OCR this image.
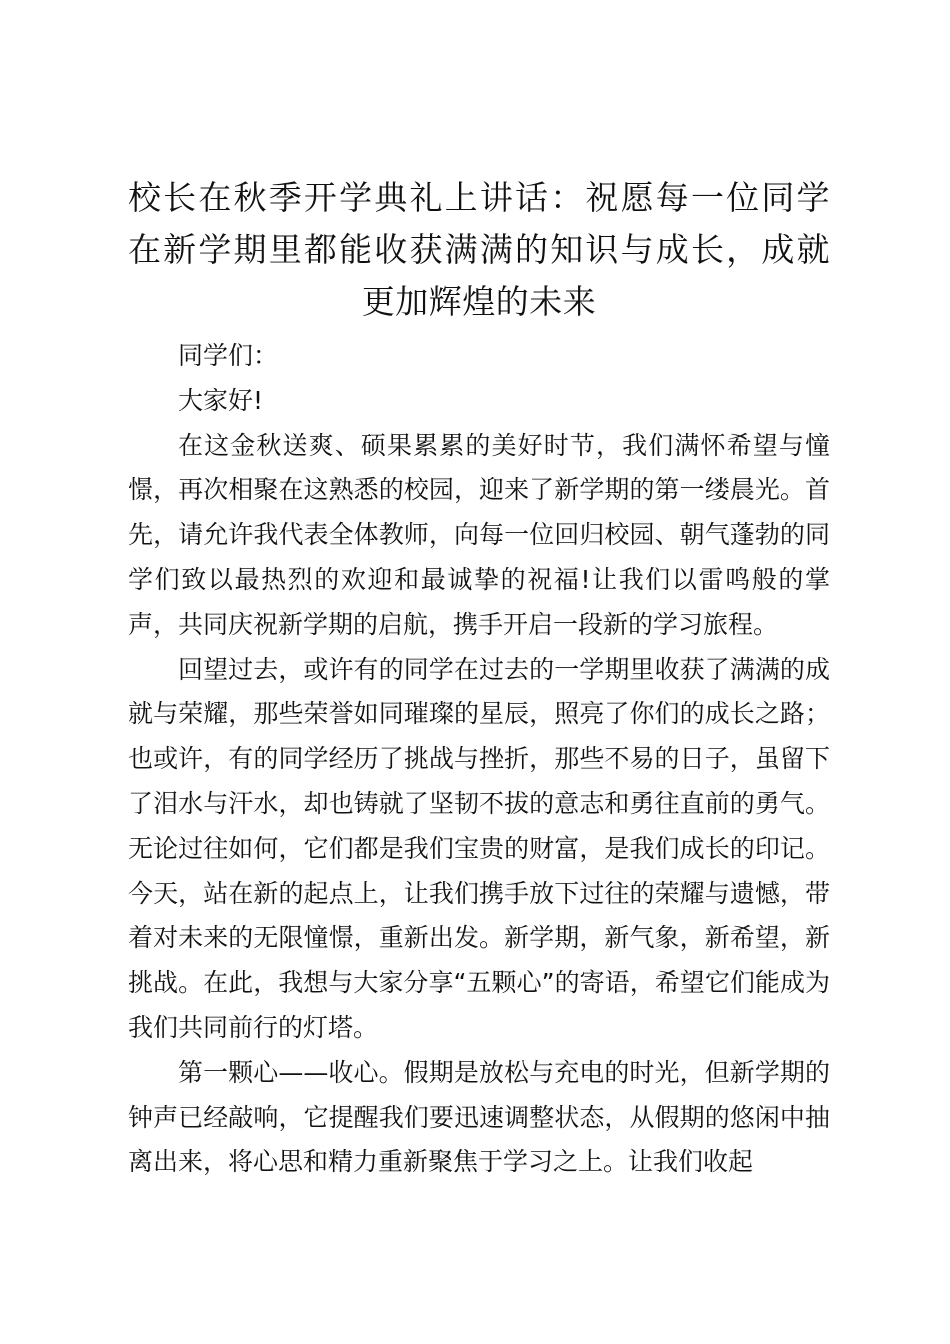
校长在秋季开学典礼上讲话：祝愿每一位同学在新学期里都能收获满满的知识与成长，成就更加辉煌的未来

同学们：

大家好!

在这金秋送爽、硕果累累的美好时节，我们满怀希望与憧憬，再次相聚在这熟悉的校园，迎来了新学期的第一缕晨光。首先，请允许我代表全体教师，向每一位回归校园、朝气蓬勃的同学们致以最热烈的欢迎和最诚挚的祝福!让我们以雷鸣般的掌声，共同庆祝新学期的启航，携手开启一段新的学习旅程。

回望过去，或许有的同学在过去的一学期里收获了满满的成就与荣耀，那些荣誉如同璀璨的星辰，照亮了你们的成长之路；也或许，有的同学经历了挑战与挫折，那些不易的日子，虽留下了泪水与汗水，却也铸就了坚韧不拔的意志和勇往直前的勇气。无论过往如何，它们都是我们宝贵的财富，是我们成长的印记。今天，站在新的起点上，让我们携手放下过往的荣耀与遗憾，带着对未来的无限憧憬，重新出发。新学期，新气象，新希望，新挑战。在此，我想与大家分享“五颗心”的寄语，希望它们能成为我们共同前行的灯塔。

第一颗心——收心。假期是放松与充电的时光，但新学期的钟声已经敲响，它提醒我们要迅速调整状态，从假期的悠闲中抽离出来，将心思和精力重新聚焦于学习之上。让我们收起
